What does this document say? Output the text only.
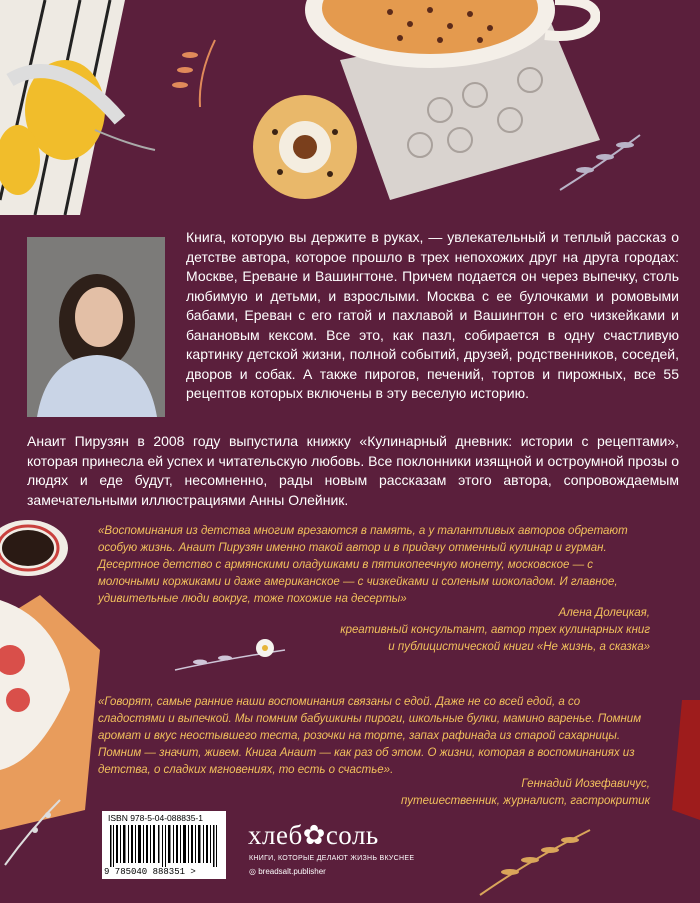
Книга, которую вы держите в руках, — увлекательный и теплый рассказ о детстве автора, которое прошло в трех непохожих друг на друга городах: Москве, Ереване и Вашингтоне. Причем подается он через выпечку, столь любимую и детьми, и взрослыми. Москва с ее булочками и ромовыми бабами, Ереван с его гатой и пахлавой и Вашингтон с его чизкейками и банановым кексом. Все это, как пазл, собирается в одну счастливую картинку детской жизни, полной событий, друзей, родственников, соседей, дворов и собак. А также пирогов, печений, тортов и пирожных, все 55 рецептов которых включены в эту веселую историю.

Анаит Пирузян в 2008 году выпустила книжку «Кулинарный дневник: истории с рецептами», которая принесла ей успех и читательскую любовь. Все поклонники изящной и остроумной прозы о людях и еде будут, несомненно, рады новым рассказам этого автора, сопровождаемым замечательными иллюстрациями Анны Олейник.

«Воспоминания из детства многим врезаются в память, а у талантливых авторов обретают особую жизнь. Анаит Пирузян именно такой автор и в придачу отменный кулинар и гурман. Десертное детство с армянскими оладушками в пятикопеечную монету, московское — с молочными коржиками и даже американское — с чизкейками и соленым шоколадом. И главное, удивительные люди вокруг, тоже похожие на десерты»

Алена Долецкая,
креативный консультант, автор трех кулинарных книг
и публицистической книги «Не жизнь, а сказка»

«Говорят, самые ранние наши воспоминания связаны с едой. Даже не со всей едой, а со сладостями и выпечкой. Мы помним бабушкины пироги, школьные булки, мамино варенье. Помним аромат и вкус неостывшего теста, розочки на торте, запах рафинада из старой сахарницы. Помним — значит, живем. Книга Анаит — как раз об этом. О жизни, которая в воспоминаниях из детства, о сладких мгновениях, то есть о счастье».

Геннадий Иозефавичус,
путешественник, журналист, гастрокритик
ISBN 978-5-04-088835-1
9 785040 888351 >
хлеб✿соль
КНИГИ, КОТОРЫЕ ДЕЛАЮТ ЖИЗНЬ ВКУСНЕЕ
◎ breadsalt.publisher
